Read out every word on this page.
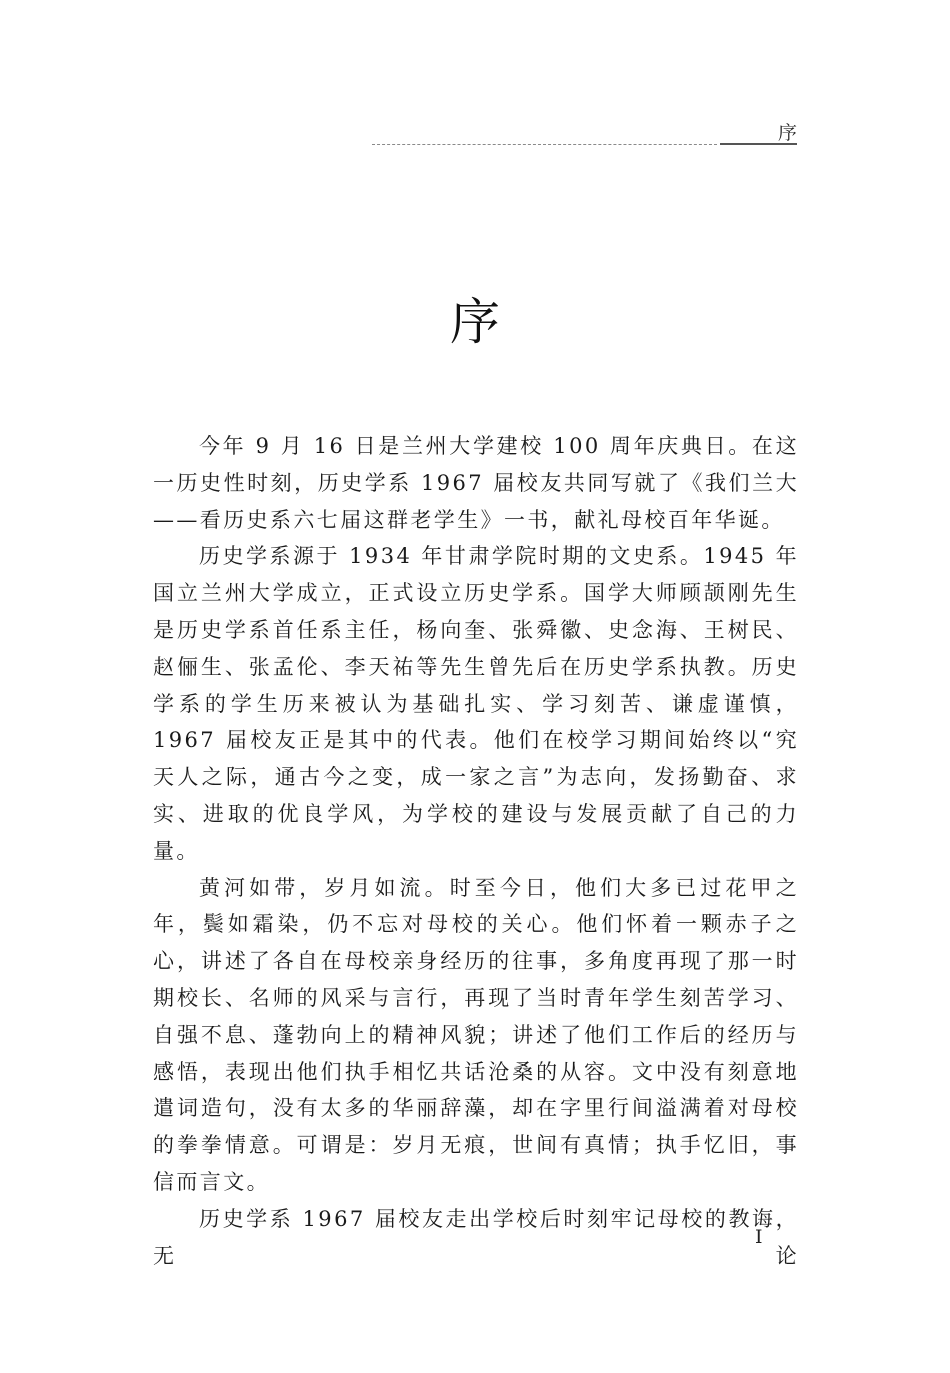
序
序

今年 9 月 16 日是兰州大学建校 100 周年庆典日。在这一历史性时刻，历史学系 1967 届校友共同写就了《我们兰大——看历史系六七届这群老学生》一书，献礼母校百年华诞。

历史学系源于 1934 年甘肃学院时期的文史系。1945 年国立兰州大学成立，正式设立历史学系。国学大师顾颉刚先生是历史学系首任系主任，杨向奎、张舜徽、史念海、王树民、赵俪生、张孟伦、李天祐等先生曾先后在历史学系执教。历史学系的学生历来被认为基础扎实、学习刻苦、谦虚谨慎，1967 届校友正是其中的代表。他们在校学习期间始终以“究天人之际，通古今之变，成一家之言”为志向，发扬勤奋、求实、进取的优良学风，为学校的建设与发展贡献了自己的力量。

黄河如带，岁月如流。时至今日，他们大多已过花甲之年，鬓如霜染，仍不忘对母校的关心。他们怀着一颗赤子之心，讲述了各自在母校亲身经历的往事，多角度再现了那一时期校长、名师的风采与言行，再现了当时青年学生刻苦学习、自强不息、蓬勃向上的精神风貌；讲述了他们工作后的经历与感悟，表现出他们执手相忆共话沧桑的从容。文中没有刻意地遣词造句，没有太多的华丽辞藻，却在字里行间溢满着对母校的拳拳情意。可谓是：岁月无痕，世间有真情；执手忆旧，事信而言文。

历史学系 1967 届校友走出学校后时刻牢记母校的教诲，无论

I
